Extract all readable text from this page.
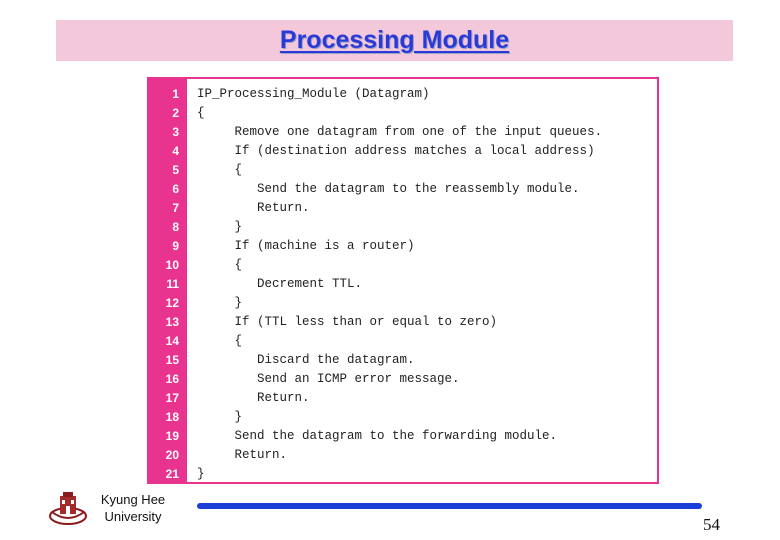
Processing Module
1 IP_Processing_Module (Datagram)
2 {
3 Remove one datagram from one of the input queues.
4 If (destination address matches a local address)
5 {
6 Send the datagram to the reassembly module.
7 Return.
8 }
9 If (machine is a router)
10 {
11 Decrement TTL.
12 }
13 If (TTL less than or equal to zero)
14 {
15 Discard the datagram.
16 Send an ICMP error message.
17 Return.
18 }
19 Send the datagram to the forwarding module.
20 Return.
21 }
Kyung Hee
University	54
